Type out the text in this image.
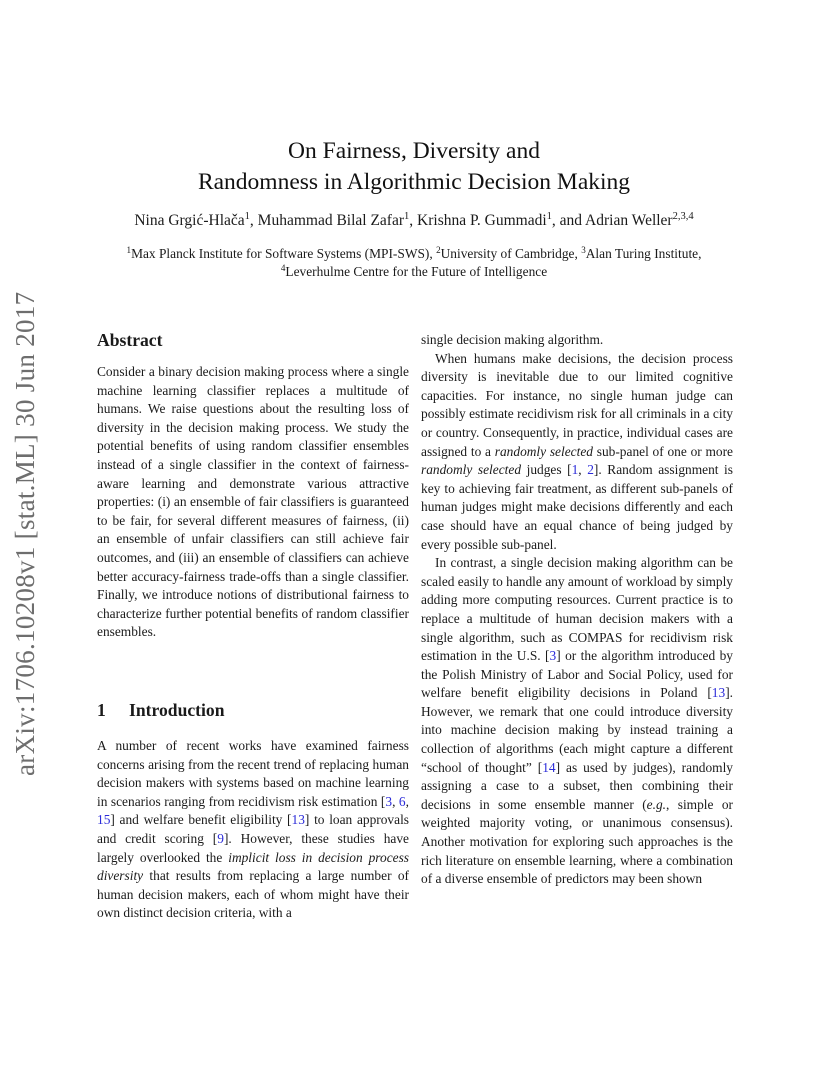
arXiv:1706.10208v1 [stat.ML] 30 Jun 2017
On Fairness, Diversity and
Randomness in Algorithmic Decision Making
Nina Grgić-Hlača$^1$, Muhammad Bilal Zafar$^1$, Krishna P. Gummadi$^1$, and Adrian Weller$^{2,3,4}$
$^1$Max Planck Institute for Software Systems (MPI-SWS), $^2$University of Cambridge, $^3$Alan Turing Institute,
$^4$Leverhulme Centre for the Future of Intelligence
Abstract

Consider a binary decision making process where a single machine learning classifier replaces a multitude of humans. We raise questions about the resulting loss of diversity in the decision making process. We study the potential benefits of using random classifier ensembles instead of a single classifier in the context of fairness-aware learning and demonstrate various attractive properties: (i) an ensemble of fair classifiers is guaranteed to be fair, for several different measures of fairness, (ii) an ensemble of unfair classifiers can still achieve fair outcomes, and (iii) an ensemble of classifiers can achieve better accuracy-fairness trade-offs than a single classifier. Finally, we introduce notions of distributional fairness to characterize further potential benefits of random classifier ensembles.

1 Introduction

A number of recent works have examined fairness concerns arising from the recent trend of replacing human decision makers with systems based on machine learning in scenarios ranging from recidivism risk estimation [3, 6, 15] and welfare benefit eligibility [13] to loan approvals and credit scoring [9]. However, these studies have largely overlooked the implicit loss in decision process diversity that results from replacing a large number of human decision makers, each of whom might have their own distinct decision criteria, with a

single decision making algorithm.

When humans make decisions, the decision process diversity is inevitable due to our limited cognitive capacities. For instance, no single human judge can possibly estimate recidivism risk for all criminals in a city or country. Consequently, in practice, individual cases are assigned to a randomly selected sub-panel of one or more randomly selected judges [1, 2]. Random assignment is key to achieving fair treatment, as different sub-panels of human judges might make decisions differently and each case should have an equal chance of being judged by every possible sub-panel.

In contrast, a single decision making algorithm can be scaled easily to handle any amount of workload by simply adding more computing resources. Current practice is to replace a multitude of human decision makers with a single algorithm, such as COMPAS for recidivism risk estimation in the U.S. [3] or the algorithm introduced by the Polish Ministry of Labor and Social Policy, used for welfare benefit eligibility decisions in Poland [13]. However, we remark that one could introduce diversity into machine decision making by instead training a collection of algorithms (each might capture a different “school of thought” [14] as used by judges), randomly assigning a case to a subset, then combining their decisions in some ensemble manner (e.g., simple or weighted majority voting, or unanimous consensus). Another motivation for exploring such approaches is the rich literature on ensemble learning, where a combination of a diverse ensemble of predictors may been shown
